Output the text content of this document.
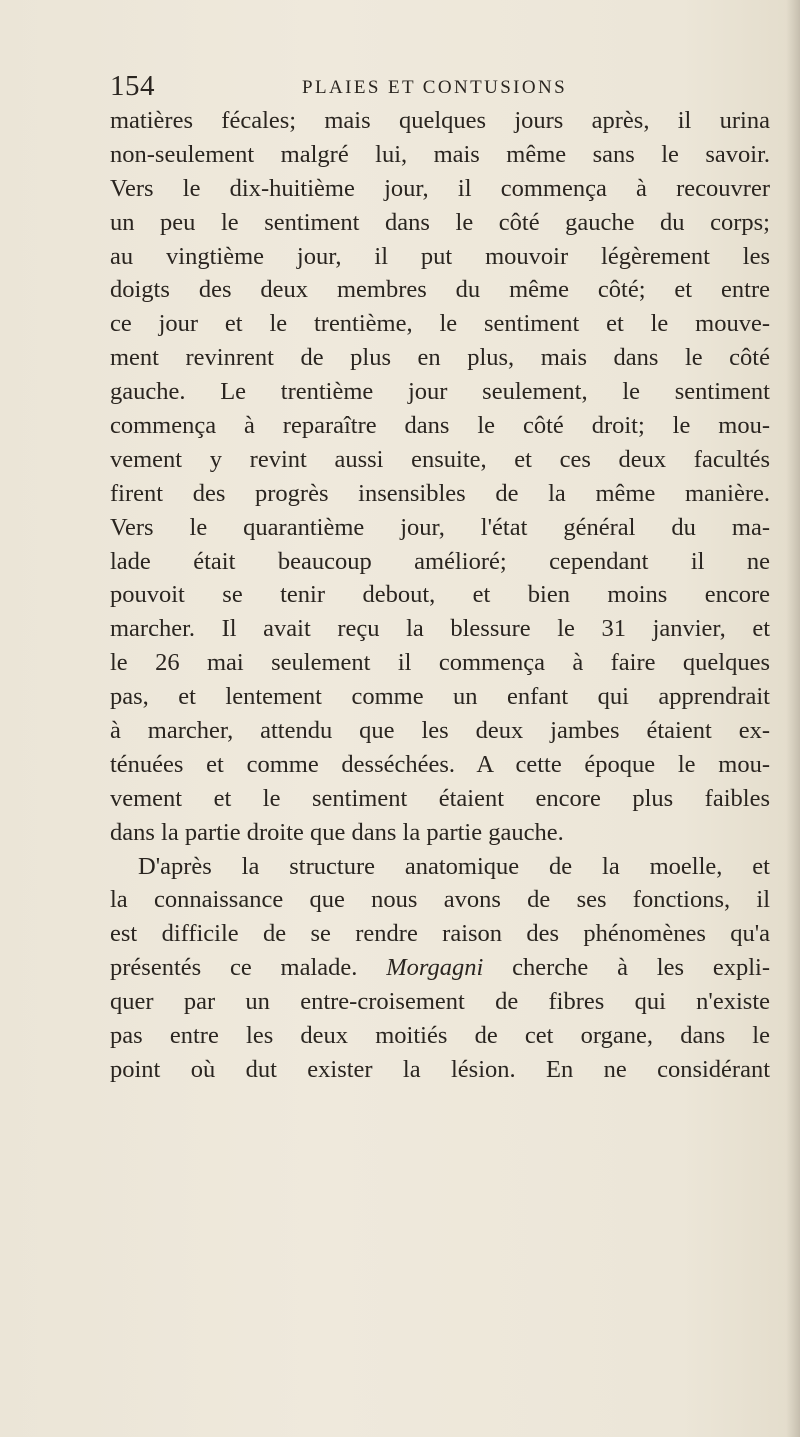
154	PLAIES ET CONTUSIONS
matières fécales; mais quelques jours après, il urina
non-seulement malgré lui, mais même sans le savoir.
Vers le dix-huitième jour, il commença à recouvrer
un peu le sentiment dans le côté gauche du corps;
au vingtième jour, il put mouvoir légèrement les
doigts des deux membres du même côté; et entre
ce jour et le trentième, le sentiment et le mouve-
ment revinrent de plus en plus, mais dans le côté
gauche. Le trentième jour seulement, le sentiment
commença à reparaître dans le côté droit; le mou-
vement y revint aussi ensuite, et ces deux facultés
firent des progrès insensibles de la même manière.
Vers le quarantième jour, l'état général du ma-
lade était beaucoup amélioré; cependant il ne
pouvoit se tenir debout, et bien moins encore
marcher. Il avait reçu la blessure le 31 janvier, et
le 26 mai seulement il commença à faire quelques
pas, et lentement comme un enfant qui apprendrait
à marcher, attendu que les deux jambes étaient ex-
ténuées et comme desséchées. A cette époque le mou-
vement et le sentiment étaient encore plus faibles
dans la partie droite que dans la partie gauche.
D'après la structure anatomique de la moelle, et
la connaissance que nous avons de ses fonctions, il
est difficile de se rendre raison des phénomènes qu'a
présentés ce malade. Morgagni cherche à les expli-
quer par un entre-croisement de fibres qui n'existe
pas entre les deux moitiés de cet organe, dans le
point où dut exister la lésion. En ne considérant
